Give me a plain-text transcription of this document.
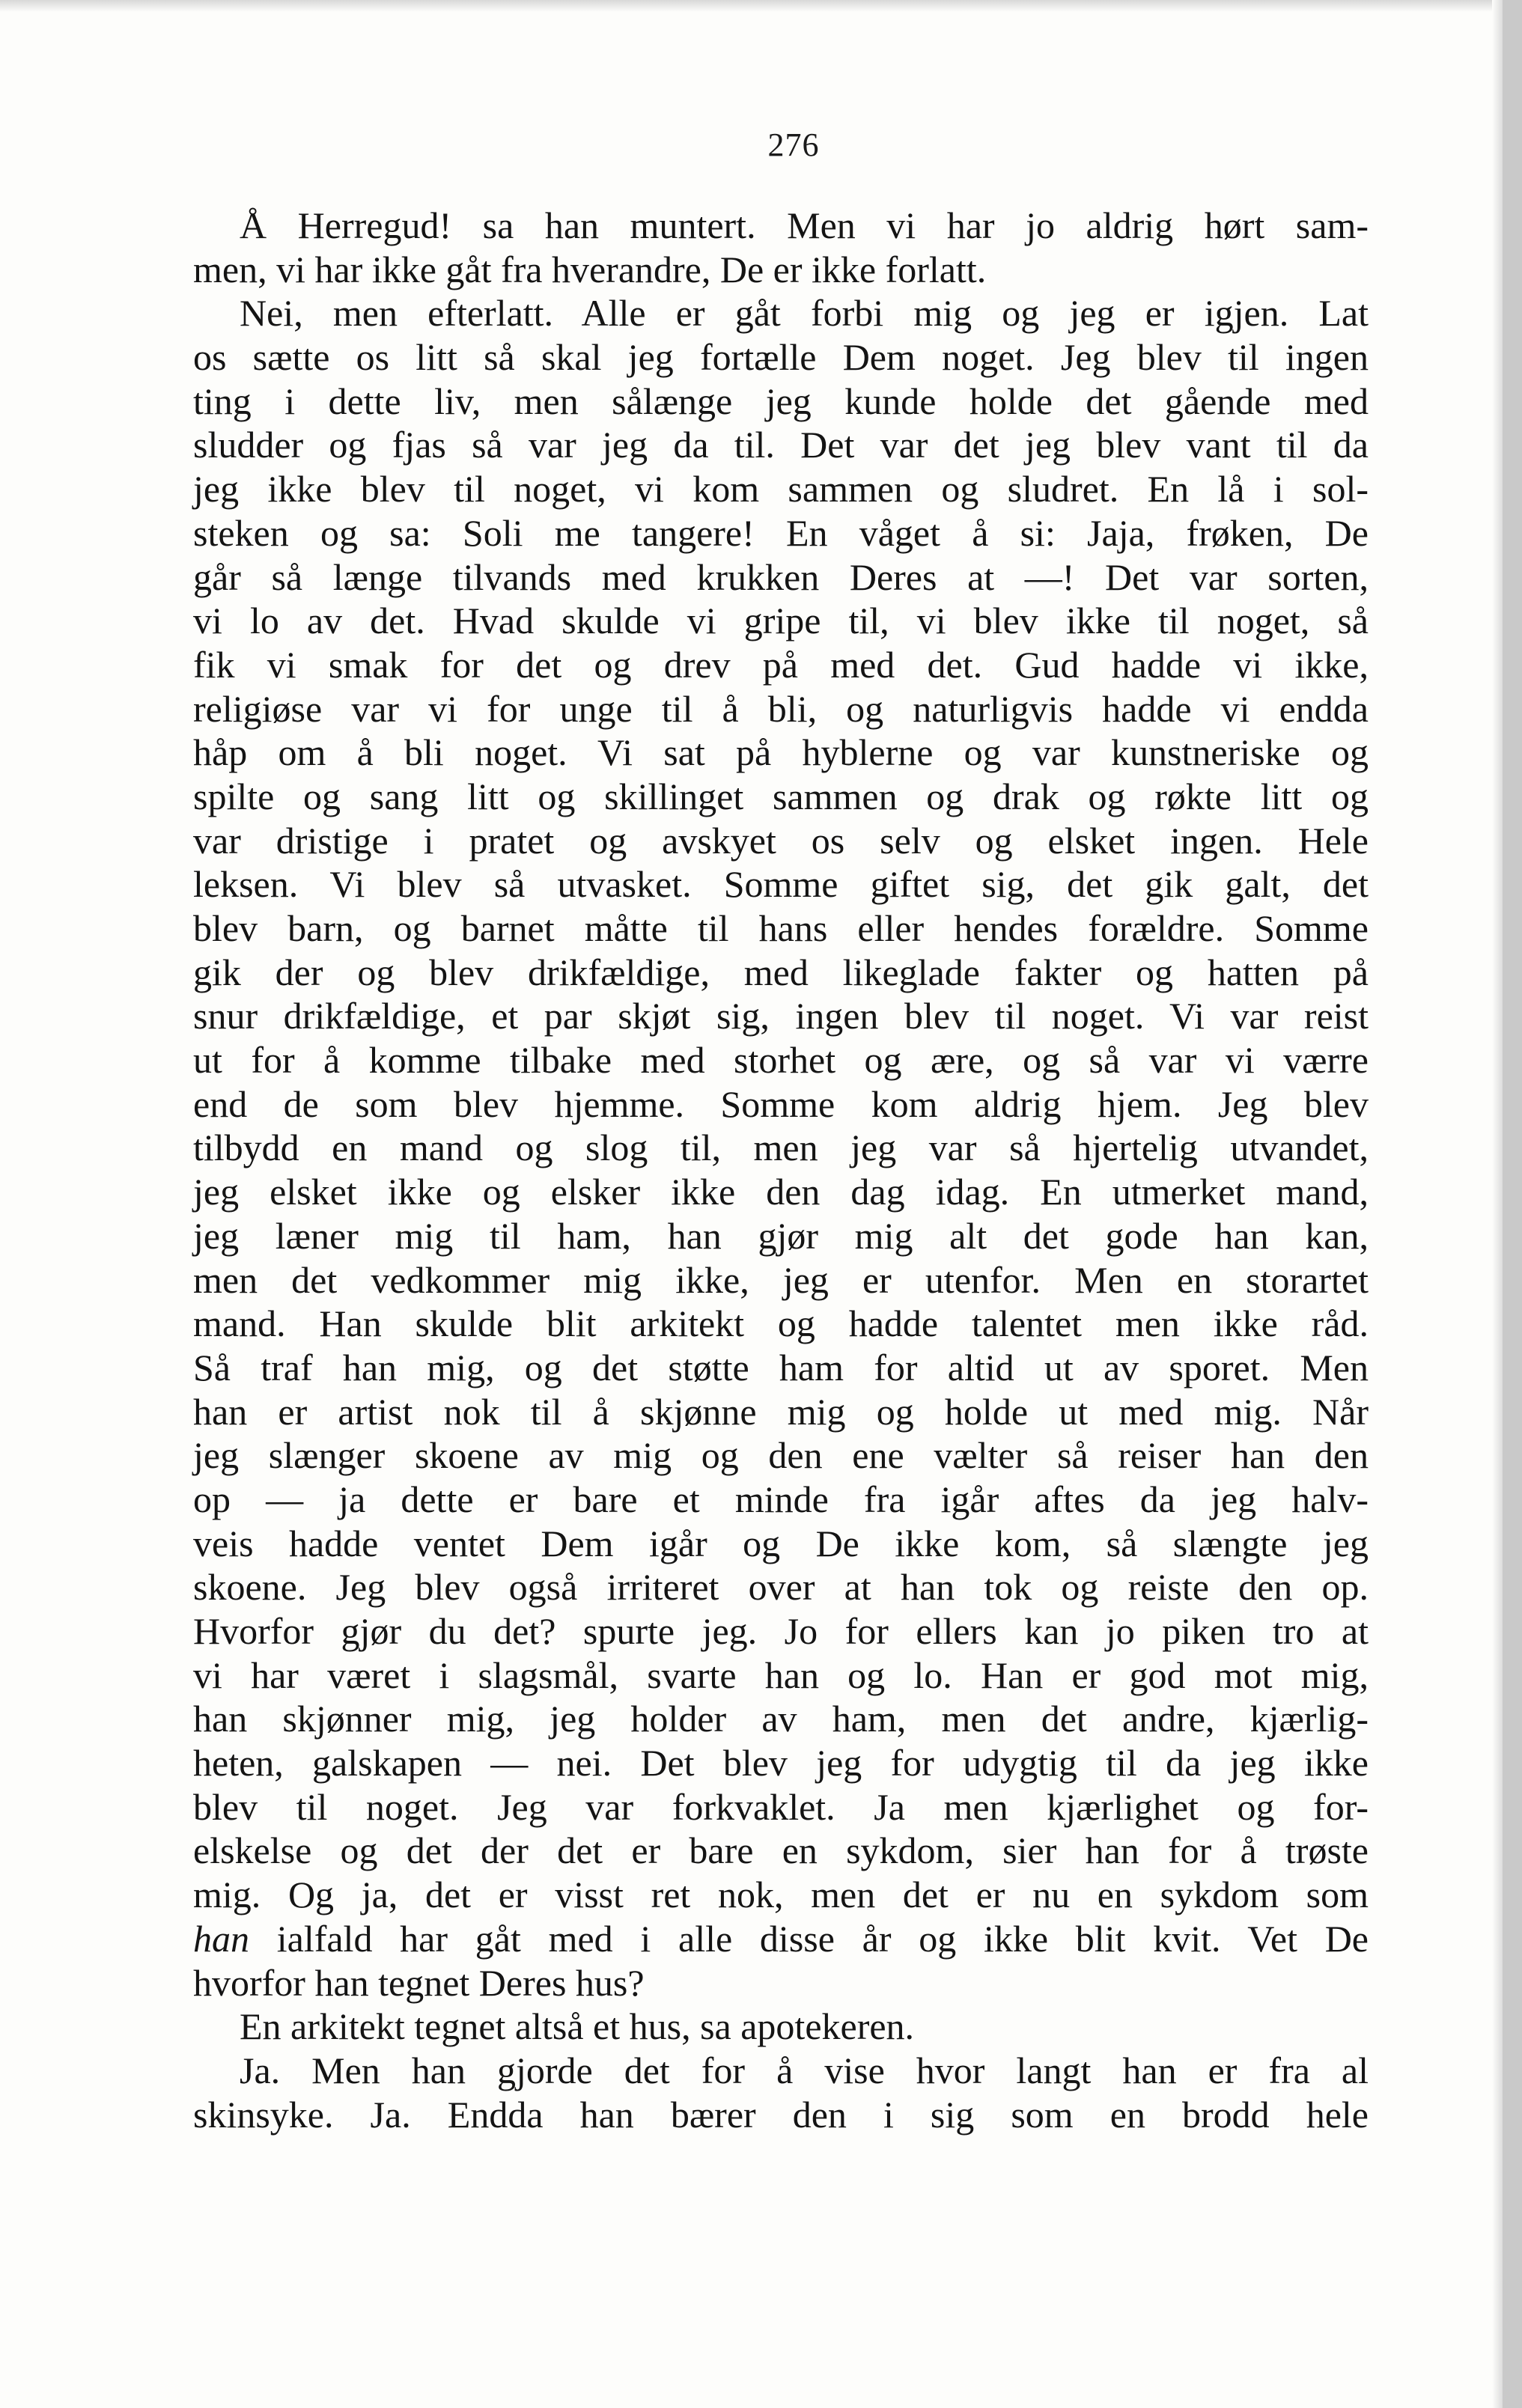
276
Å Herregud! sa han muntert. Men vi har jo aldrig hørt sam-
men, vi har ikke gåt fra hverandre, De er ikke forlatt.
Nei, men efterlatt. Alle er gåt forbi mig og jeg er igjen. Lat
os sætte os litt så skal jeg fortælle Dem noget. Jeg blev til ingen
ting i dette liv, men sålænge jeg kunde holde det gående med
sludder og fjas så var jeg da til. Det var det jeg blev vant til da
jeg ikke blev til noget, vi kom sammen og sludret. En lå i sol-
steken og sa: Soli me tangere! En våget å si: Jaja, frøken, De
går så længe tilvands med krukken Deres at —! Det var sorten,
vi lo av det. Hvad skulde vi gripe til, vi blev ikke til noget, så
fik vi smak for det og drev på med det. Gud hadde vi ikke,
religiøse var vi for unge til å bli, og naturligvis hadde vi endda
håp om å bli noget. Vi sat på hyblerne og var kunstneriske og
spilte og sang litt og skillinget sammen og drak og røkte litt og
var dristige i pratet og avskyet os selv og elsket ingen. Hele
leksen. Vi blev så utvasket. Somme giftet sig, det gik galt, det
blev barn, og barnet måtte til hans eller hendes forældre. Somme
gik der og blev drikfældige, med likeglade fakter og hatten på
snur drikfældige, et par skjøt sig, ingen blev til noget. Vi var reist
ut for å komme tilbake med storhet og ære, og så var vi værre
end de som blev hjemme. Somme kom aldrig hjem. Jeg blev
tilbydd en mand og slog til, men jeg var så hjertelig utvandet,
jeg elsket ikke og elsker ikke den dag idag. En utmerket mand,
jeg læner mig til ham, han gjør mig alt det gode han kan,
men det vedkommer mig ikke, jeg er utenfor. Men en storartet
mand. Han skulde blit arkitekt og hadde talentet men ikke råd.
Så traf han mig, og det støtte ham for altid ut av sporet. Men
han er artist nok til å skjønne mig og holde ut med mig. Når
jeg slænger skoene av mig og den ene vælter så reiser han den
op — ja dette er bare et minde fra igår aftes da jeg halv-
veis hadde ventet Dem igår og De ikke kom, så slængte jeg
skoene. Jeg blev også irriteret over at han tok og reiste den op.
Hvorfor gjør du det? spurte jeg. Jo for ellers kan jo piken tro at
vi har været i slagsmål, svarte han og lo. Han er god mot mig,
han skjønner mig, jeg holder av ham, men det andre, kjærlig-
heten, galskapen — nei. Det blev jeg for udygtig til da jeg ikke
blev til noget. Jeg var forkvaklet. Ja men kjærlighet og for-
elskelse og det der det er bare en sykdom, sier han for å trøste
mig. Og ja, det er visst ret nok, men det er nu en sykdom som
han ialfald har gåt med i alle disse år og ikke blit kvit. Vet De
hvorfor han tegnet Deres hus?
En arkitekt tegnet altså et hus, sa apotekeren.
Ja. Men han gjorde det for å vise hvor langt han er fra al
skinsyke. Ja. Endda han bærer den i sig som en brodd hele
